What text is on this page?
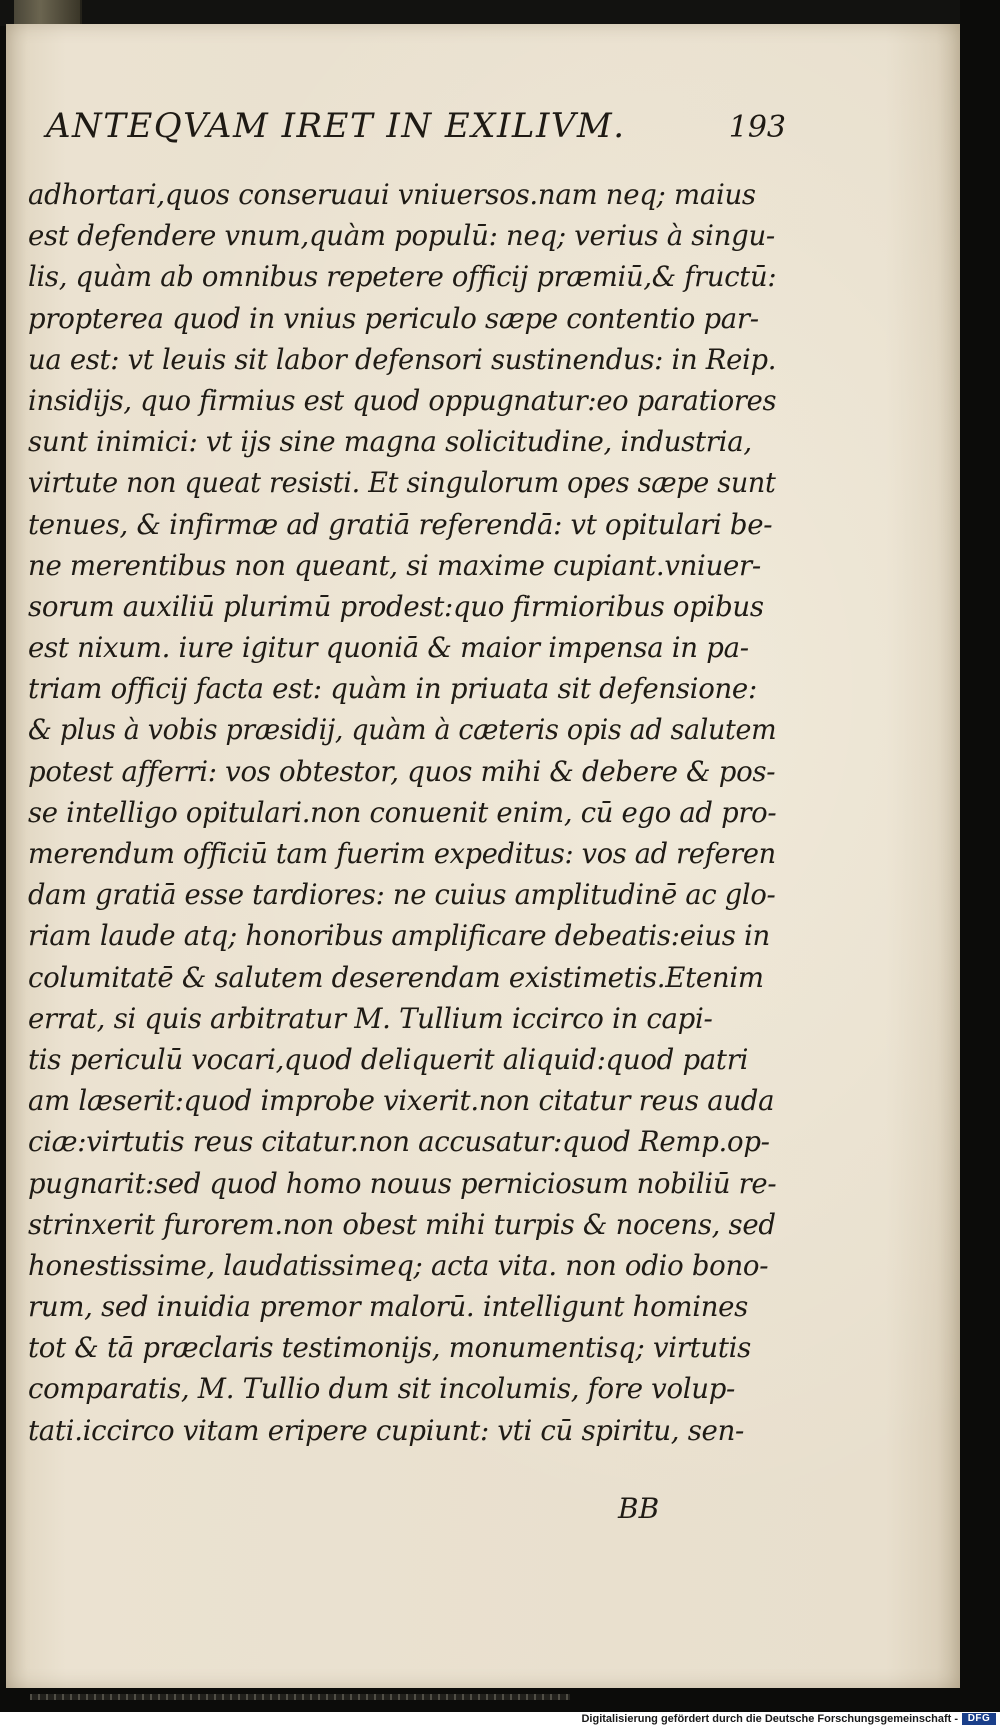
ANTEQVAM IRET IN EXILIVM.	193
adhortari,quos conseruaui vniuersos.nam neq; maius
est defendere vnum,quàm populū: neq; verius à singu-
lis, quàm ab omnibus repetere officij præmiū,& fructū:
propterea quod in vnius periculo sæpe contentio par-
ua est: vt leuis sit labor defensori sustinendus: in Reip.
insidijs, quo firmius est quod oppugnatur:eo paratiores
sunt inimici: vt ijs sine magna solicitudine, industria,
virtute non queat resisti. Et singulorum opes sæpe sunt
tenues, & infirmæ ad gratiā referendā: vt opitulari be-
ne merentibus non queant, si maxime cupiant.vniuer-
sorum auxiliū plurimū prodest:quo firmioribus opibus
est nixum. iure igitur quoniā & maior impensa in pa-
triam officij facta est: quàm in priuata sit defensione:
& plus à vobis præsidij, quàm à cæteris opis ad salutem
potest afferri: vos obtestor, quos mihi & debere & pos-
se intelligo opitulari.non conuenit enim, cū ego ad pro-
merendum officiū tam fuerim expeditus: vos ad referen
dam gratiā esse tardiores: ne cuius amplitudinē ac glo-
riam laude atq; honoribus amplificare debeatis:eius in
columitatē & salutem deserendam existimetis.Etenim
errat, si quis arbitratur M. Tullium iccirco in capi-
tis periculū vocari,quod deliquerit aliquid:quod patri
am læserit:quod improbe vixerit.non citatur reus auda
ciæ:virtutis reus citatur.non accusatur:quod Remp.op-
pugnarit:sed quod homo nouus perniciosum nobiliū re-
strinxerit furorem.non obest mihi turpis & nocens, sed
honestissime, laudatissimeq; acta vita. non odio bono-
rum, sed inuidia premor malorū. intelligunt homines
tot & tā præclaris testimonijs, monumentisq; virtutis
comparatis, M. Tullio dum sit incolumis, fore volup-
tati.iccirco vitam eripere cupiunt: vti cū spiritu, sen-
BB
Digitalisierung gefördert durch die Deutsche Forschungsgemeinschaft - DFG
